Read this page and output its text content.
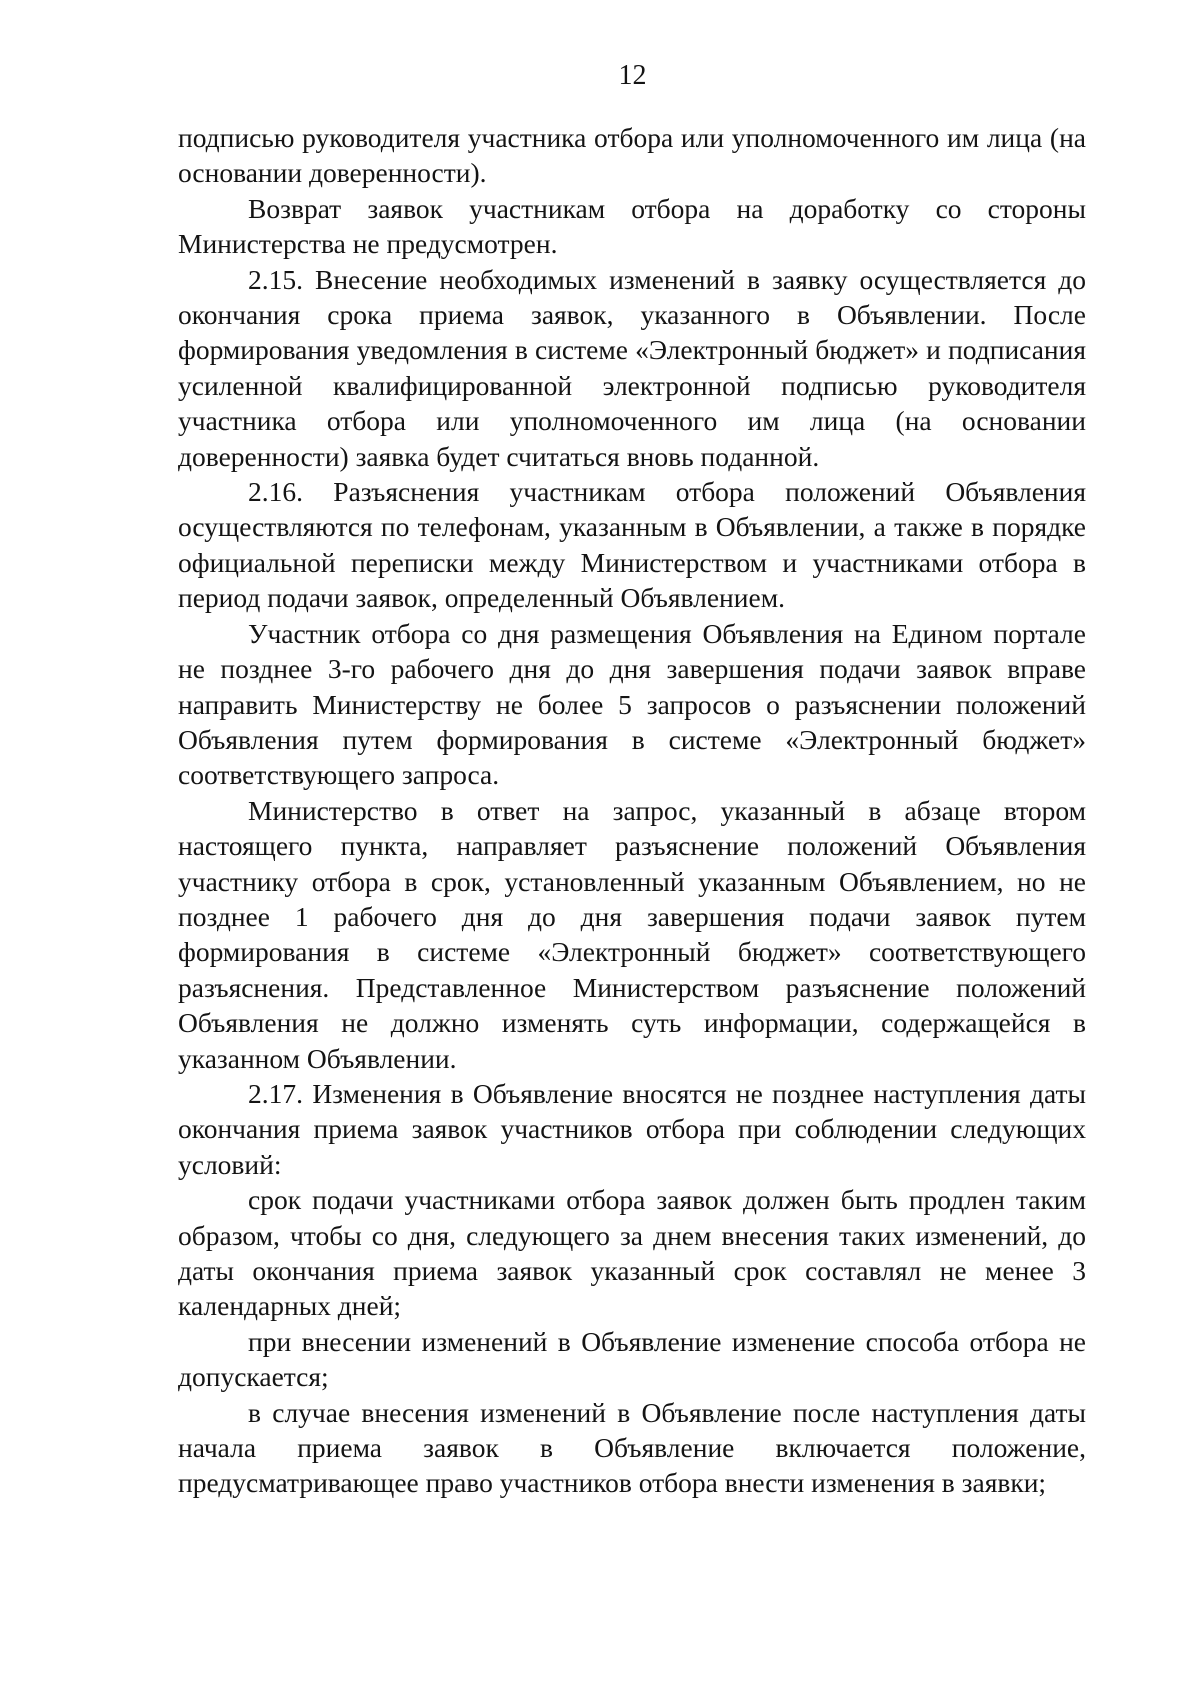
12

подписью руководителя участника отбора или уполномоченного им лица (на основании доверенности).

Возврат заявок участникам отбора на доработку со стороны Министерства не предусмотрен.

2.15. Внесение необходимых изменений в заявку осуществляется до окончания срока приема заявок, указанного в Объявлении. После формирования уведомления в системе «Электронный бюджет» и подписания усиленной квалифицированной электронной подписью руководителя участника отбора или уполномоченного им лица (на основании доверенности) заявка будет считаться вновь поданной.

2.16. Разъяснения участникам отбора положений Объявления осуществляются по телефонам, указанным в Объявлении, а также в порядке официальной переписки между Министерством и участниками отбора в период подачи заявок, определенный Объявлением.

Участник отбора со дня размещения Объявления на Едином портале не позднее 3-го рабочего дня до дня завершения подачи заявок вправе направить Министерству не более 5 запросов о разъяснении положений Объявления путем формирования в системе «Электронный бюджет» соответствующего запроса.

Министерство в ответ на запрос, указанный в абзаце втором настоящего пункта, направляет разъяснение положений Объявления участнику отбора в срок, установленный указанным Объявлением, но не позднее 1 рабочего дня до дня завершения подачи заявок путем формирования в системе «Электронный бюджет» соответствующего разъяснения. Представленное Министерством разъяснение положений Объявления не должно изменять суть информации, содержащейся в указанном Объявлении.

2.17. Изменения в Объявление вносятся не позднее наступления даты окончания приема заявок участников отбора при соблюдении следующих условий:

срок подачи участниками отбора заявок должен быть продлен таким образом, чтобы со дня, следующего за днем внесения таких изменений, до даты окончания приема заявок указанный срок составлял не менее 3 календарных дней;

при внесении изменений в Объявление изменение способа отбора не допускается;

в случае внесения изменений в Объявление после наступления даты начала приема заявок в Объявление включается положение, предусматривающее право участников отбора внести изменения в заявки;
